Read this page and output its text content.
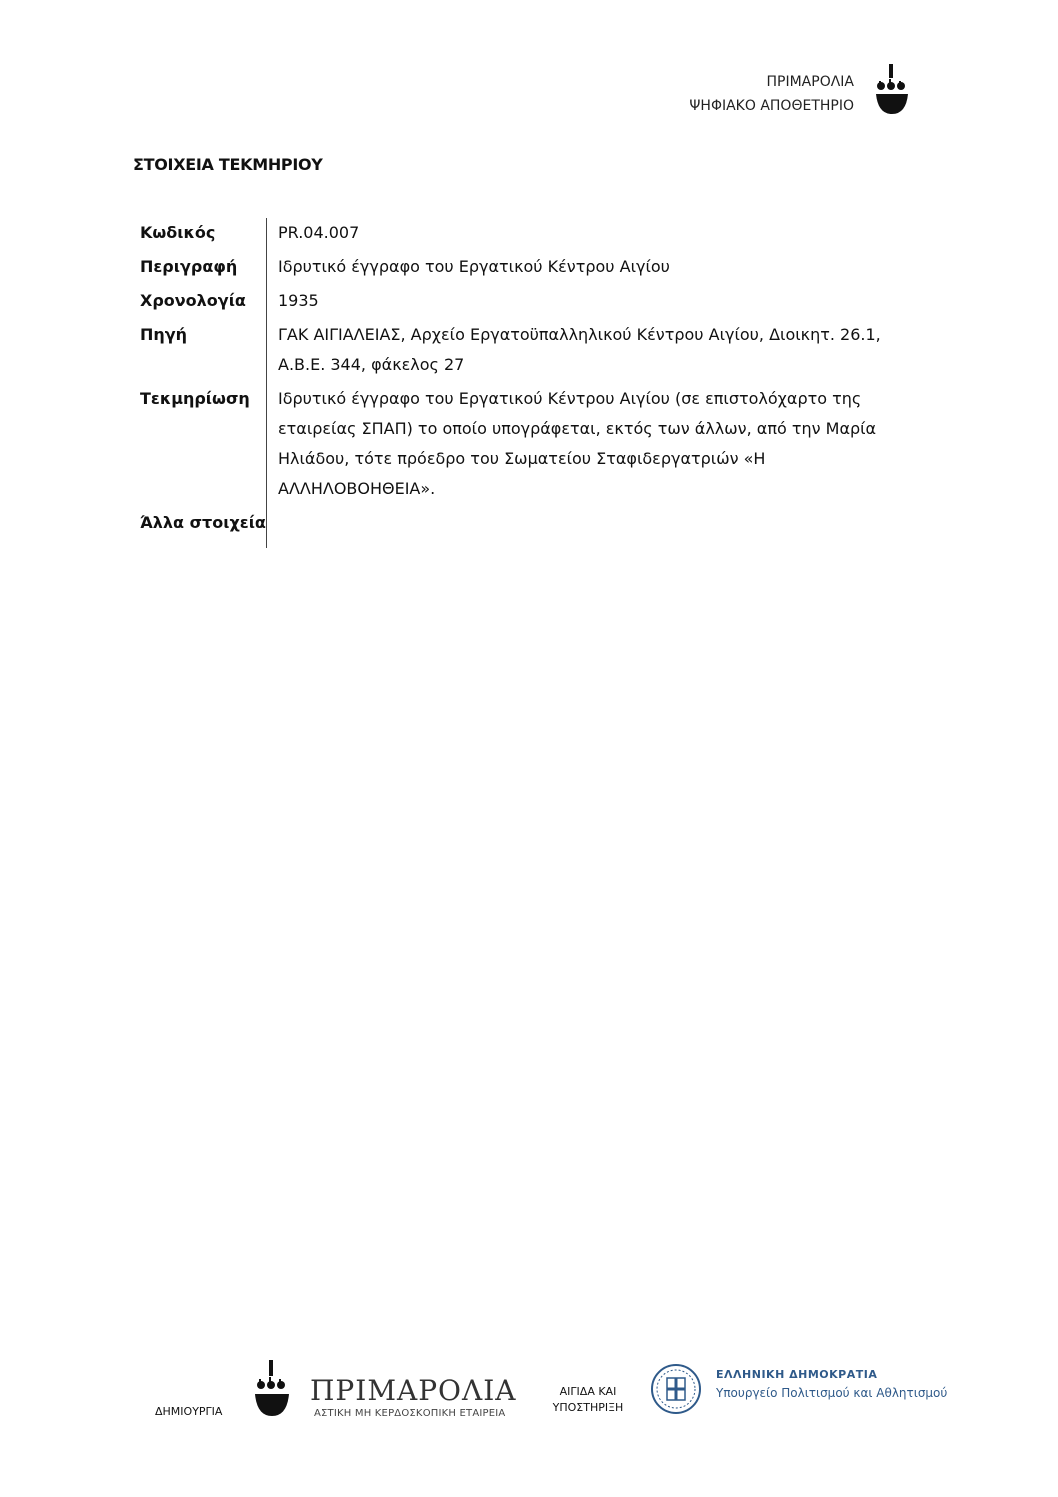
ΠΡΙΜΑΡΟΛΙΑ
ΨΗΦΙΑΚΟ ΑΠΟΘΕΤΗΡΙΟ
ΣΤΟΙΧΕΙΑ ΤΕΚΜΗΡΙΟΥ
Κωδικός	PR.04.007
Περιγραφή	Ιδρυτικό έγγραφο του Εργατικού Κέντρου Αιγίου
Χρονολογία	1935
Πηγή	ΓΑΚ ΑΙΓΙΑΛΕΙΑΣ, Αρχείο Εργατοϋπαλληλικού Κέντρου Αιγίου, Διοικητ. 26.1, Α.Β.Ε. 344, φάκελος 27
Τεκμηρίωση	Ιδρυτικό έγγραφο του Εργατικού Κέντρου Αιγίου (σε επιστολόχαρτο της εταιρείας ΣΠΑΠ) το οποίο υπογράφεται, εκτός των άλλων, από την Μαρία Ηλιάδου, τότε πρόεδρο του Σωματείου Σταφιδεργατριών «Η ΑΛΛΗΛΟΒΟΗΘΕΙΑ».
Άλλα στοιχεία
ΔΗΜΙΟΥΡΓΙΑ
ΠΡΙΜΑΡΟΛΙΑ
ΑΣΤΙΚΗ ΜΗ ΚΕΡΔΟΣΚΟΠΙΚΗ ΕΤΑΙΡΕΙΑ
ΑΙΓΙΔΑ ΚΑΙ
ΥΠΟΣΤΗΡΙΞΗ
ΕΛΛΗΝΙΚΗ ΔΗΜΟΚΡΑΤΙΑ
Υπουργείο Πολιτισμού και Αθλητισμού
